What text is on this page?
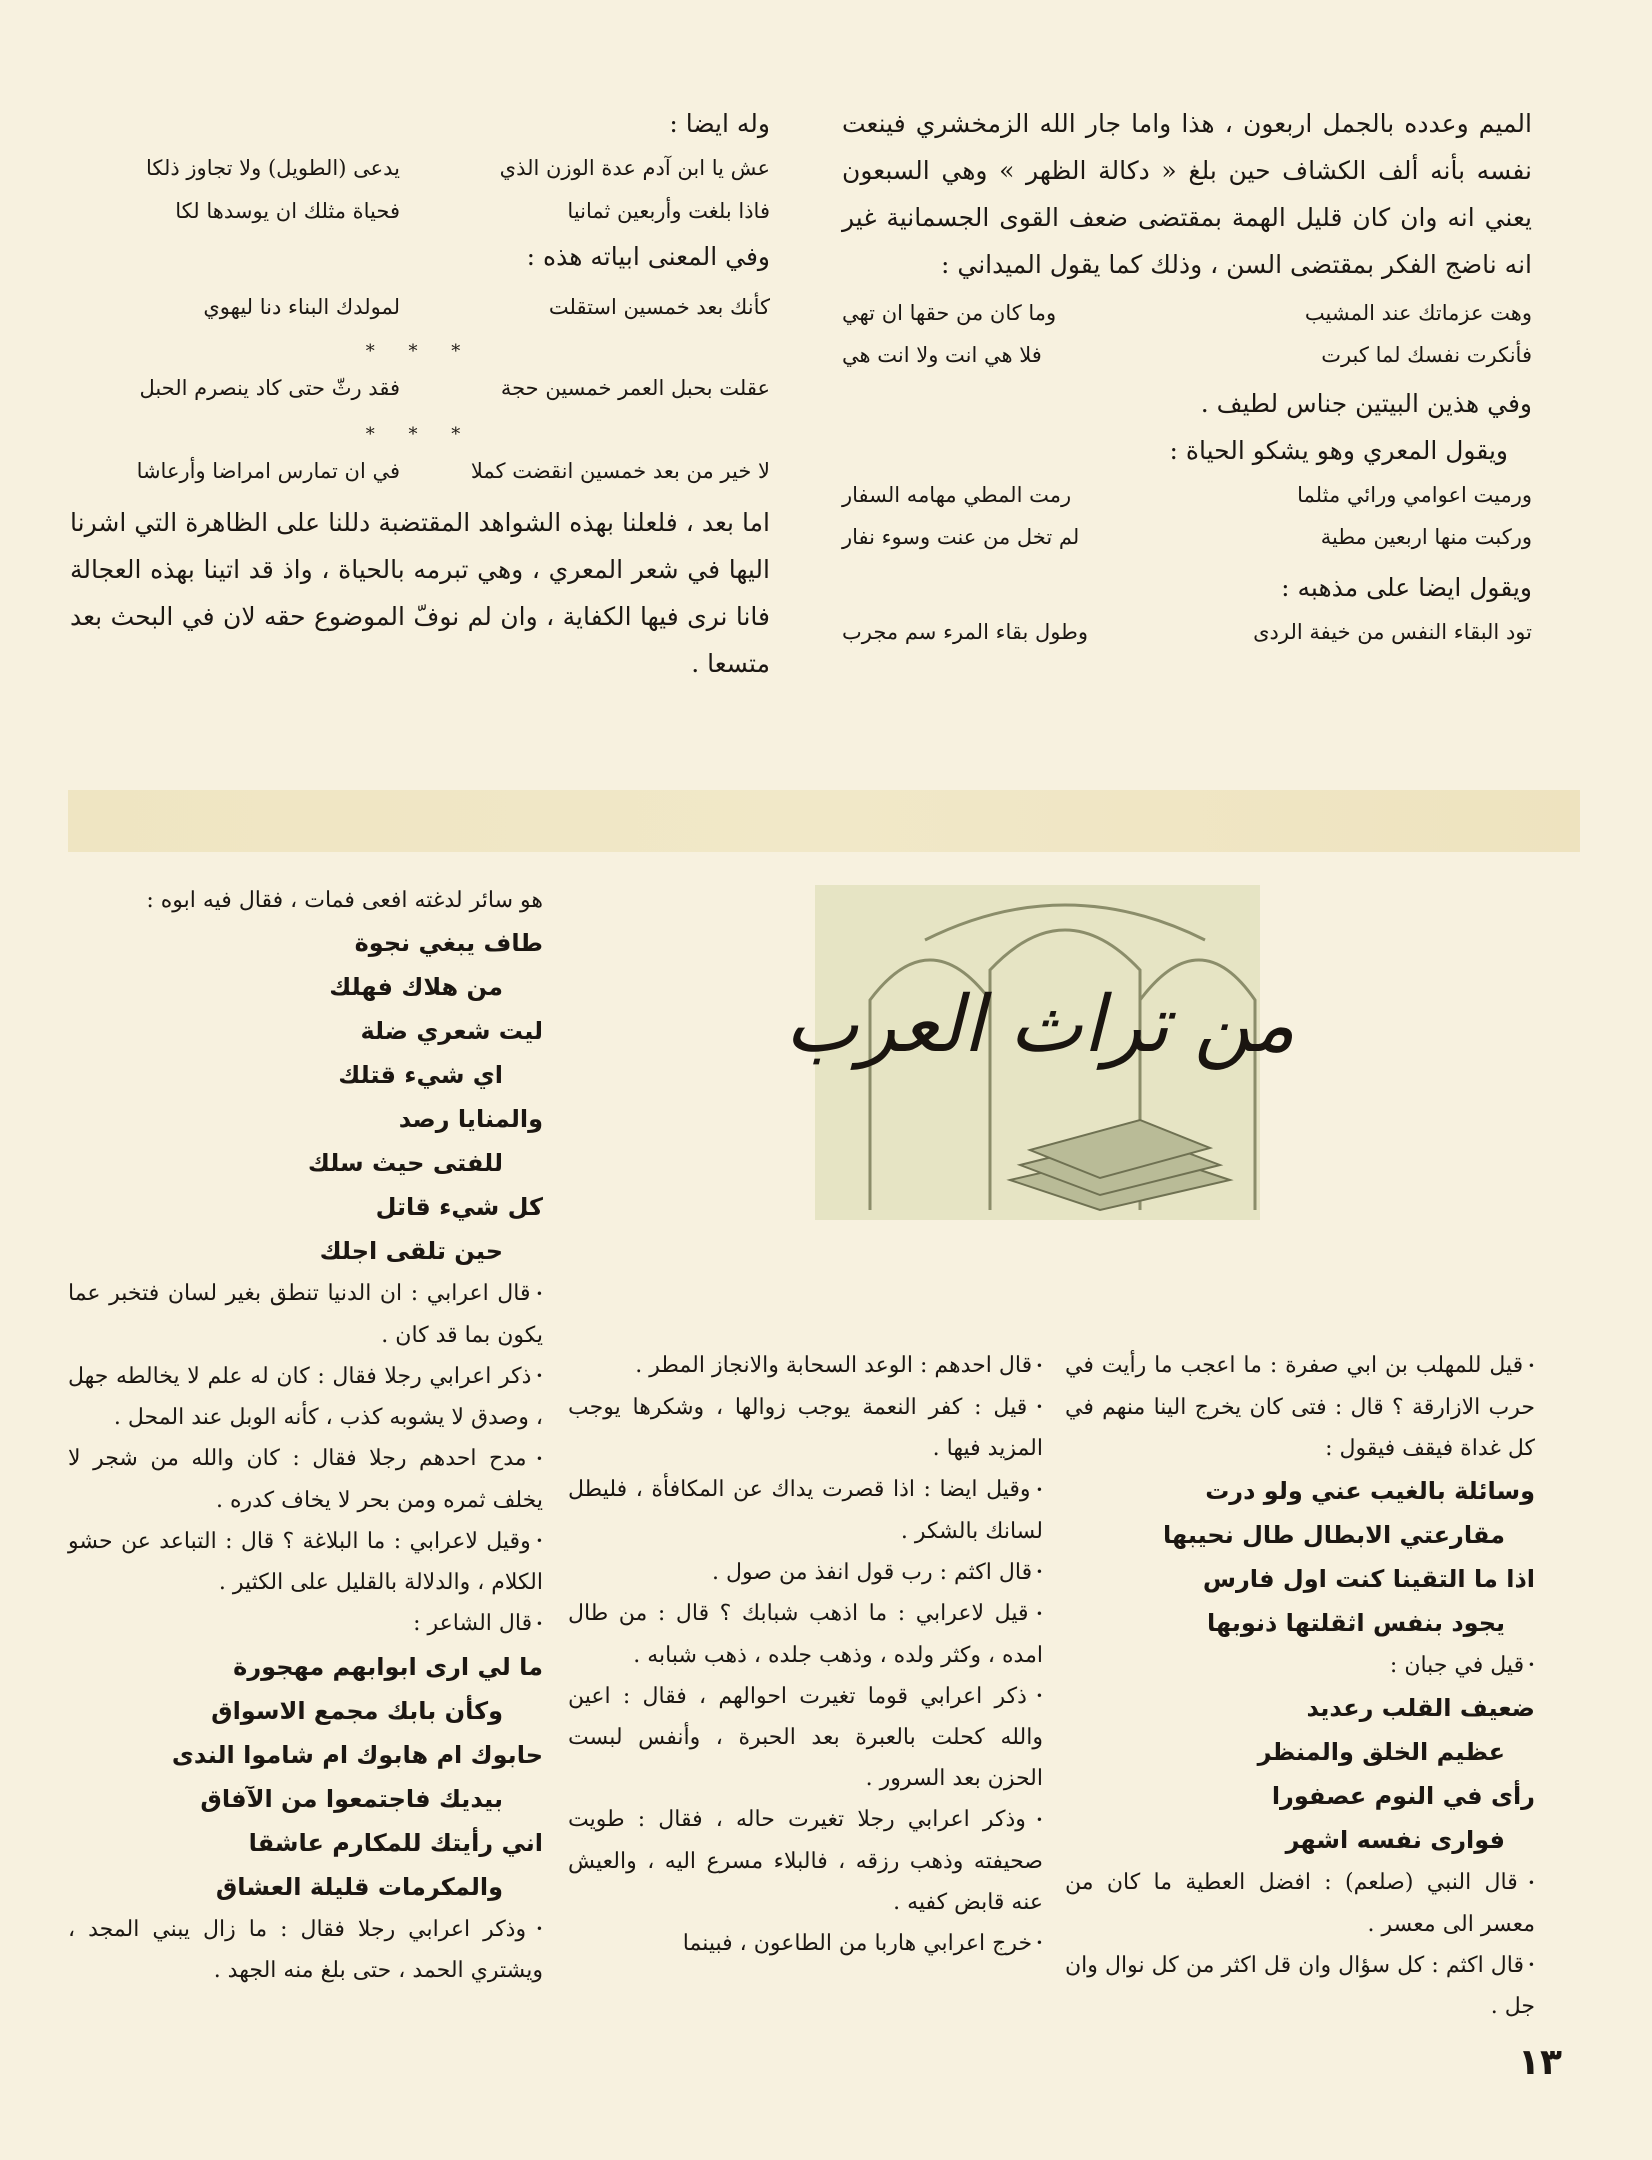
الميم وعدده بالجمل اربعون ، هذا واما جار الله الزمخشري فينعت نفسه بأنه ألف الكشاف حين بلغ « دكالة الظهر » وهي السبعون يعني انه وان كان قليل الهمة بمقتضى ضعف القوى الجسمانية غير انه ناضج الفكر بمقتضى السن ، وذلك كما يقول الميداني :

وهت عزماتك عند المشيب
وما كان من حقها ان تهي
فأنكرت نفسك لما كبرت
فلا هي انت ولا انت هي

وفي هذين البيتين جناس لطيف .

ويقول المعري وهو يشكو الحياة :

ورميت اعوامي ورائي مثلما
رمت المطي مهامه السفار
وركبت منها اربعين مطية
لم تخل من عنت وسوء نفار

ويقول ايضا على مذهبه :

تود البقاء النفس من خيفة الردى
وطول بقاء المرء سم مجرب

وله ايضا :

عش يا ابن آدم عدة الوزن الذي
يدعى (الطويل) ولا تجاوز ذلكا
فاذا بلغت وأربعين ثمانيا
فحياة مثلك ان يوسدها لكا

وفي المعنى ابياته هذه :

كأنك بعد خمسين استقلت
لمولدك البناء دنا ليهوي
* * *
عقلت بحبل العمر خمسين حجة
فقد رثّ حتى كاد ينصرم الحبل
* * *
لا خير من بعد خمسين انقضت كملا
في ان تمارس امراضا وأرعاشا

اما بعد ، فلعلنا بهذه الشواهد المقتضبة دللنا على الظاهرة التي اشرنا اليها في شعر المعري ، وهي تبرمه بالحياة ، واذ قد اتينا بهذه العجالة فانا نرى فيها الكفاية ، وان لم نوفّ الموضوع حقه لان في البحث بعد متسعا .

من تراث العرب

هو سائر لدغته افعى فمات ، فقال فيه ابوه :

طاف يبغي نجوة

من هلاك فهلك

ليت شعري ضلة

اي شيء قتلك

والمنايا رصد

للفتى حيث سلك

كل شيء قاتل

حين تلقى اجلك

• قال اعرابي : ان الدنيا تنطق بغير لسان فتخبر عما يكون بما قد كان .

• ذكر اعرابي رجلا فقال : كان له علم لا يخالطه جهل ، وصدق لا يشوبه كذب ، كأنه الوبل عند المحل .

• مدح احدهم رجلا فقال : كان والله من شجر لا يخلف ثمره ومن بحر لا يخاف كدره .

• وقيل لاعرابي : ما البلاغة ؟ قال : التباعد عن حشو الكلام ، والدلالة بالقليل على الكثير .

• قال الشاعر :

ما لي ارى ابوابهم مهجورة

وكأن بابك مجمع الاسواق

حابوك ام هابوك ام شاموا الندى

بيديك فاجتمعوا من الآفاق

اني رأيتك للمكارم عاشقا

والمكرمات قليلة العشاق

• وذكر اعرابي رجلا فقال : ما زال يبني المجد ، ويشتري الحمد ، حتى بلغ منه الجهد .

• قال احدهم : الوعد السحابة والانجاز المطر .

• قيل : كفر النعمة يوجب زوالها ، وشكرها يوجب المزيد فيها .

• وقيل ايضا : اذا قصرت يداك عن المكافأة ، فليطل لسانك بالشكر .

• قال اكثم : رب قول انفذ من صول .

• قيل لاعرابي : ما اذهب شبابك ؟ قال : من طال امده ، وكثر ولده ، وذهب جلده ، ذهب شبابه .

• ذكر اعرابي قوما تغيرت احوالهم ، فقال : اعين والله كحلت بالعبرة بعد الحبرة ، وأنفس لبست الحزن بعد السرور .

• وذكر اعرابي رجلا تغيرت حاله ، فقال : طويت صحيفته وذهب رزقه ، فالبلاء مسرع اليه ، والعيش عنه قابض كفيه .

• خرج اعرابي هاربا من الطاعون ، فبينما

• قيل للمهلب بن ابي صفرة : ما اعجب ما رأيت في حرب الازارقة ؟ قال : فتى كان يخرج الينا منهم في كل غداة فيقف فيقول :

وسائلة بالغيب عني ولو درت

مقارعتي الابطال طال نحيبها

اذا ما التقينا كنت اول فارس

يجود بنفس اثقلتها ذنوبها

• قيل في جبان :

ضعيف القلب رعديد

عظيم الخلق والمنظر

رأى في النوم عصفورا

فوارى نفسه اشهر

• قال النبي (صلعم) : افضل العطية ما كان من معسر الى معسر .

• قال اكثم : كل سؤال وان قل اكثر من كل نوال وان جل .

١٣
